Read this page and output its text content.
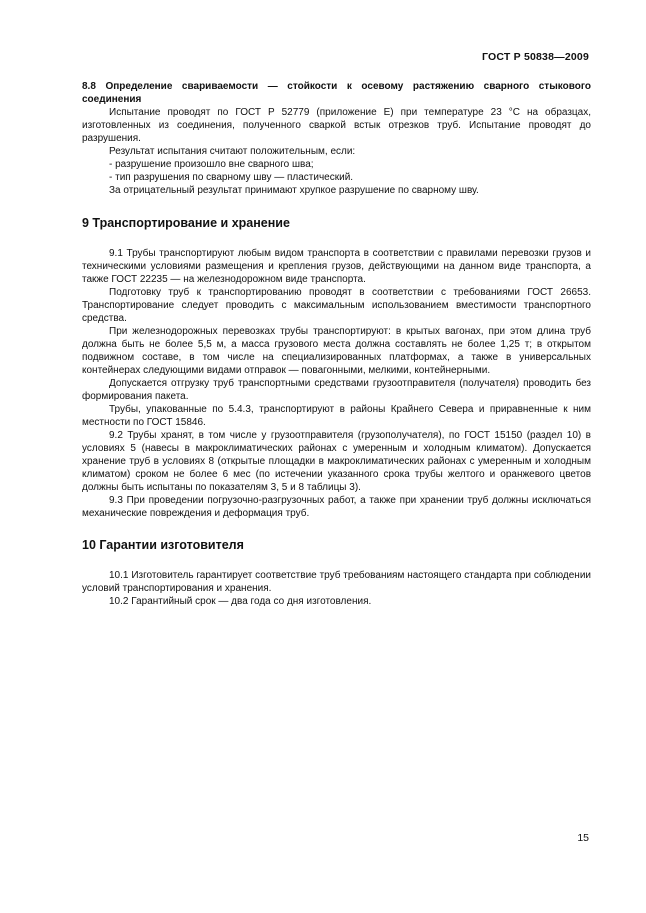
ГОСТ Р 50838—2009

8.8 Определение свариваемости — стойкости к осевому растяжению сварного стыкового соединения

Испытание проводят по ГОСТ Р 52779 (приложение Е) при температуре 23 °С на образцах, изготовленных из соединения, полученного сваркой встык отрезков труб. Испытание проводят до разрушения.

Результат испытания считают положительным, если:

- разрушение произошло вне сварного шва;

- тип разрушения по сварному шву — пластический.

За отрицательный результат принимают хрупкое разрушение по сварному шву.

9 Транспортирование и хранение

9.1 Трубы транспортируют любым видом транспорта в соответствии с правилами перевозки грузов и техническими условиями размещения и крепления грузов, действующими на данном виде транспорта, а также ГОСТ 22235 — на железнодорожном виде транспорта.

Подготовку труб к транспортированию проводят в соответствии с требованиями ГОСТ 26653. Транспортирование следует проводить с максимальным использованием вместимости транспортного средства.

При железнодорожных перевозках трубы транспортируют: в крытых вагонах, при этом длина труб должна быть не более 5,5 м, а масса грузового места должна составлять не более 1,25 т; в открытом подвижном составе, в том числе на специализированных платформах, а также в универсальных контейнерах следующими видами отправок — повагонными, мелкими, контейнерными.

Допускается отгрузку труб транспортными средствами грузоотправителя (получателя) проводить без формирования пакета.

Трубы, упакованные по 5.4.3, транспортируют в районы Крайнего Севера и приравненные к ним местности по ГОСТ 15846.

9.2 Трубы хранят, в том числе у грузоотправителя (грузополучателя), по ГОСТ 15150 (раздел 10) в условиях 5 (навесы в макроклиматических районах с умеренным и холодным климатом). Допускается хранение труб в условиях 8 (открытые площадки в макроклиматических районах с умеренным и холодным климатом) сроком не более 6 мес (по истечении указанного срока трубы желтого и оранжевого цветов должны быть испытаны по показателям 3, 5 и 8 таблицы 3).

9.3 При проведении погрузочно-разгрузочных работ, а также при хранении труб должны исключаться механические повреждения и деформация труб.

10 Гарантии изготовителя

10.1 Изготовитель гарантирует соответствие труб требованиям настоящего стандарта при соблюдении условий транспортирования и хранения.

10.2 Гарантийный срок — два года со дня изготовления.

15
